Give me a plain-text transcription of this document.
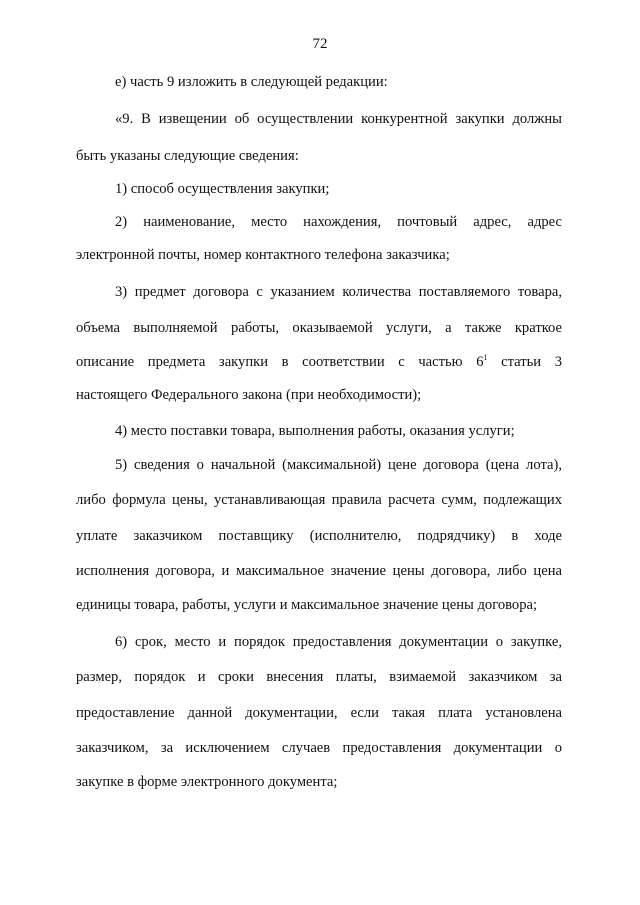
72
е) часть 9 изложить в следующей редакции:
«9. В извещении об осуществлении конкурентной закупки должны
быть указаны следующие сведения:
1) способ осуществления закупки;
2) наименование, место нахождения, почтовый адрес, адрес
электронной почты, номер контактного телефона заказчика;
3) предмет договора с указанием количества поставляемого товара,
объема выполняемой работы, оказываемой услуги, а также краткое
описание предмета закупки в соответствии с частью $6^1$ статьи 3
настоящего Федерального закона (при необходимости);
4) место поставки товара, выполнения работы, оказания услуги;
5) сведения о начальной (максимальной) цене договора (цена лота),
либо формула цены, устанавливающая правила расчета сумм, подлежащих
уплате заказчиком поставщику (исполнителю, подрядчику) в ходе
исполнения договора, и максимальное значение цены договора, либо цена
единицы товара, работы, услуги и максимальное значение цены договора;
6) срок, место и порядок предоставления документации о закупке,
размер, порядок и сроки внесения платы, взимаемой заказчиком за
предоставление данной документации, если такая плата установлена
заказчиком, за исключением случаев предоставления документации о
закупке в форме электронного документа;
